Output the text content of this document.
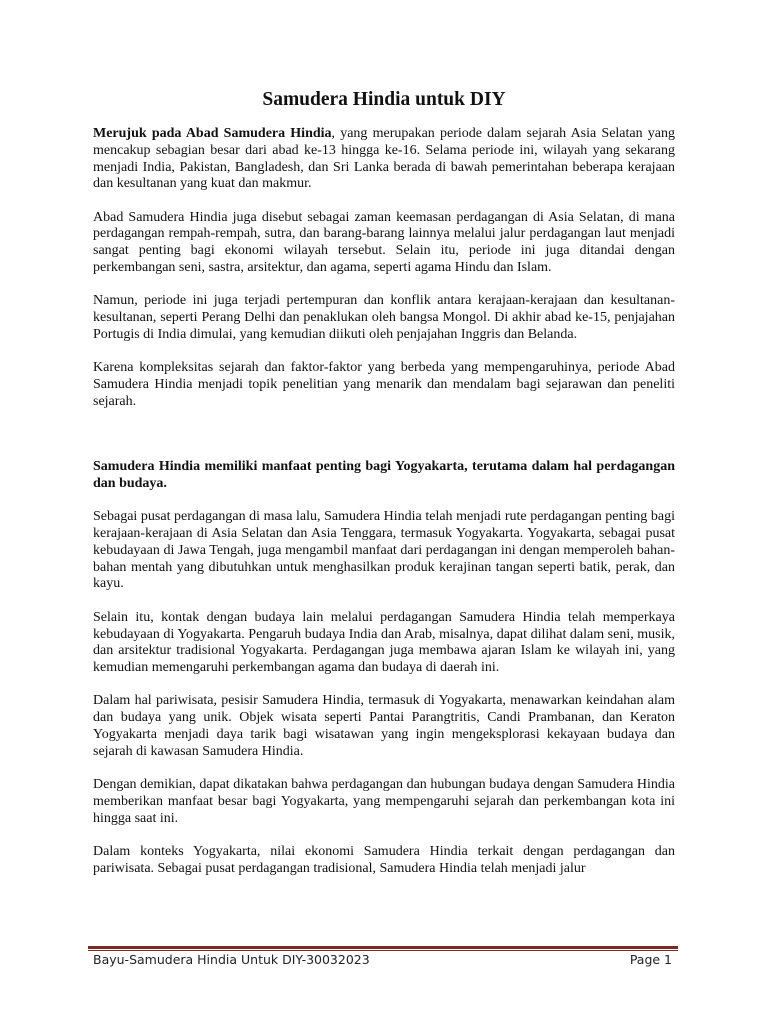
Samudera Hindia untuk DIY

Merujuk pada Abad Samudera Hindia, yang merupakan periode dalam sejarah Asia Selatan yang mencakup sebagian besar dari abad ke-13 hingga ke-16. Selama periode ini, wilayah yang sekarang menjadi India, Pakistan, Bangladesh, dan Sri Lanka berada di bawah pemerintahan beberapa kerajaan dan kesultanan yang kuat dan makmur.

Abad Samudera Hindia juga disebut sebagai zaman keemasan perdagangan di Asia Selatan, di mana perdagangan rempah-rempah, sutra, dan barang-barang lainnya melalui jalur perdagangan laut menjadi sangat penting bagi ekonomi wilayah tersebut. Selain itu, periode ini juga ditandai dengan perkembangan seni, sastra, arsitektur, dan agama, seperti agama Hindu dan Islam.

Namun, periode ini juga terjadi pertempuran dan konflik antara kerajaan-kerajaan dan kesultanan-kesultanan, seperti Perang Delhi dan penaklukan oleh bangsa Mongol. Di akhir abad ke-15, penjajahan Portugis di India dimulai, yang kemudian diikuti oleh penjajahan Inggris dan Belanda.

Karena kompleksitas sejarah dan faktor-faktor yang berbeda yang mempengaruhinya, periode Abad Samudera Hindia menjadi topik penelitian yang menarik dan mendalam bagi sejarawan dan peneliti sejarah.

Samudera Hindia memiliki manfaat penting bagi Yogyakarta, terutama dalam hal perdagangan dan budaya.

Sebagai pusat perdagangan di masa lalu, Samudera Hindia telah menjadi rute perdagangan penting bagi kerajaan-kerajaan di Asia Selatan dan Asia Tenggara, termasuk Yogyakarta. Yogyakarta, sebagai pusat kebudayaan di Jawa Tengah, juga mengambil manfaat dari perdagangan ini dengan memperoleh bahan-bahan mentah yang dibutuhkan untuk menghasilkan produk kerajinan tangan seperti batik, perak, dan kayu.

Selain itu, kontak dengan budaya lain melalui perdagangan Samudera Hindia telah memperkaya kebudayaan di Yogyakarta. Pengaruh budaya India dan Arab, misalnya, dapat dilihat dalam seni, musik, dan arsitektur tradisional Yogyakarta. Perdagangan juga membawa ajaran Islam ke wilayah ini, yang kemudian memengaruhi perkembangan agama dan budaya di daerah ini.

Dalam hal pariwisata, pesisir Samudera Hindia, termasuk di Yogyakarta, menawarkan keindahan alam dan budaya yang unik. Objek wisata seperti Pantai Parangtritis, Candi Prambanan, dan Keraton Yogyakarta menjadi daya tarik bagi wisatawan yang ingin mengeksplorasi kekayaan budaya dan sejarah di kawasan Samudera Hindia.

Dengan demikian, dapat dikatakan bahwa perdagangan dan hubungan budaya dengan Samudera Hindia memberikan manfaat besar bagi Yogyakarta, yang mempengaruhi sejarah dan perkembangan kota ini hingga saat ini.

Dalam konteks Yogyakarta, nilai ekonomi Samudera Hindia terkait dengan perdagangan dan pariwisata. Sebagai pusat perdagangan tradisional, Samudera Hindia telah menjadi jalur

Bayu-Samudera Hindia Untuk DIY-30032023	Page 1
